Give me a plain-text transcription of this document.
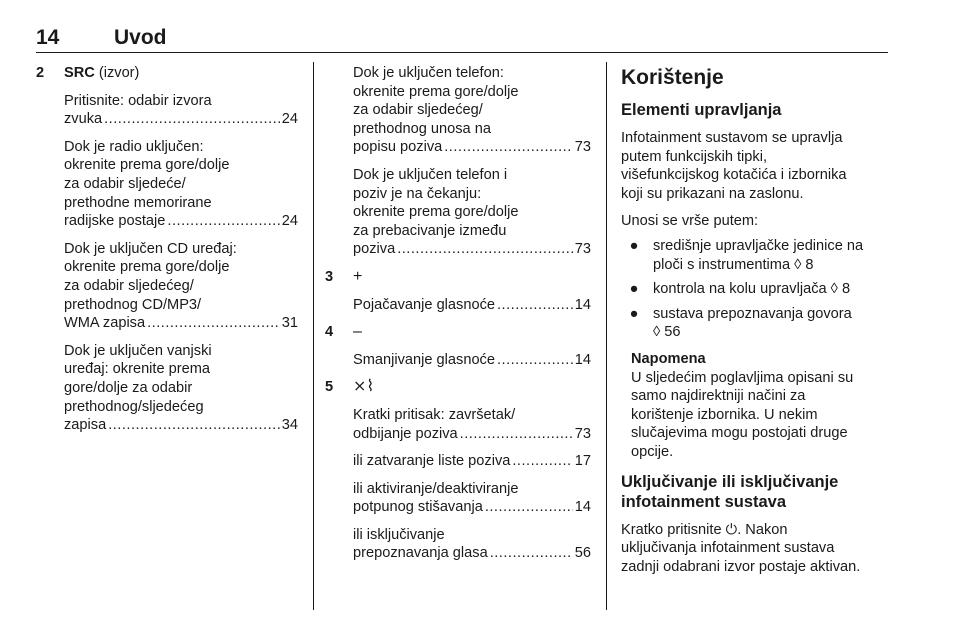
14	Uvod
2	SRC (izvor)
Pritisnite: odabir izvora
zvuka .....	24
Dok je radio uključen:
okrenite prema gore/dolje
za odabir sljedeće/
prethodne memorirane
radijske postaje .....	24
Dok je uključen CD uređaj:
okrenite prema gore/dolje
za odabir sljedećeg/
prethodnog CD/MP3/
WMA zapisa .....	31
Dok je uključen vanjski
uređaj: okrenite prema
gore/dolje za odabir
prethodnog/sljedećeg
zapisa .....	34
Dok je uključen telefon:
okrenite prema gore/dolje
za odabir sljedećeg/
prethodnog unosa na
popisu poziva .....	73
Dok je uključen telefon i
poziv je na čekanju:
okrenite prema gore/dolje
za prebacivanje između
poziva .....	73
3	+
Pojačavanje glasnoće .....	14
4	–
Smanjivanje glasnoće .....	14
5	⨯⌇
Kratki pritisak: završetak/
odbijanje poziva .....	73
ili zatvaranje liste poziva .....	17
ili aktiviranje/deaktiviranje
potpunog stišavanja .....	14
ili isključivanje
prepoznavanja glasa .....	56
Korištenje
Elementi upravljanja
Infotainment sustavom se upravlja
putem funkcijskih tipki,
višefunkcijskog kotačića i izbornika
koji su prikazani na zaslonu.
Unosi se vrše putem:
● središnje upravljačke jedinice na
ploči s instrumentima ◊ 8
● kontrola na kolu upravljača ◊ 8
● sustava prepoznavanja govora
◊ 56
Napomena
U sljedećim poglavljima opisani su
samo najdirektniji načini za
korištenje izbornika. U nekim
slučajevima mogu postojati druge
opcije.
Uključivanje ili isključivanje
infotainment sustava
Kratko pritisnite ⏻. Nakon
uključivanja infotainment sustava
zadnji odabrani izvor postaje aktivan.
